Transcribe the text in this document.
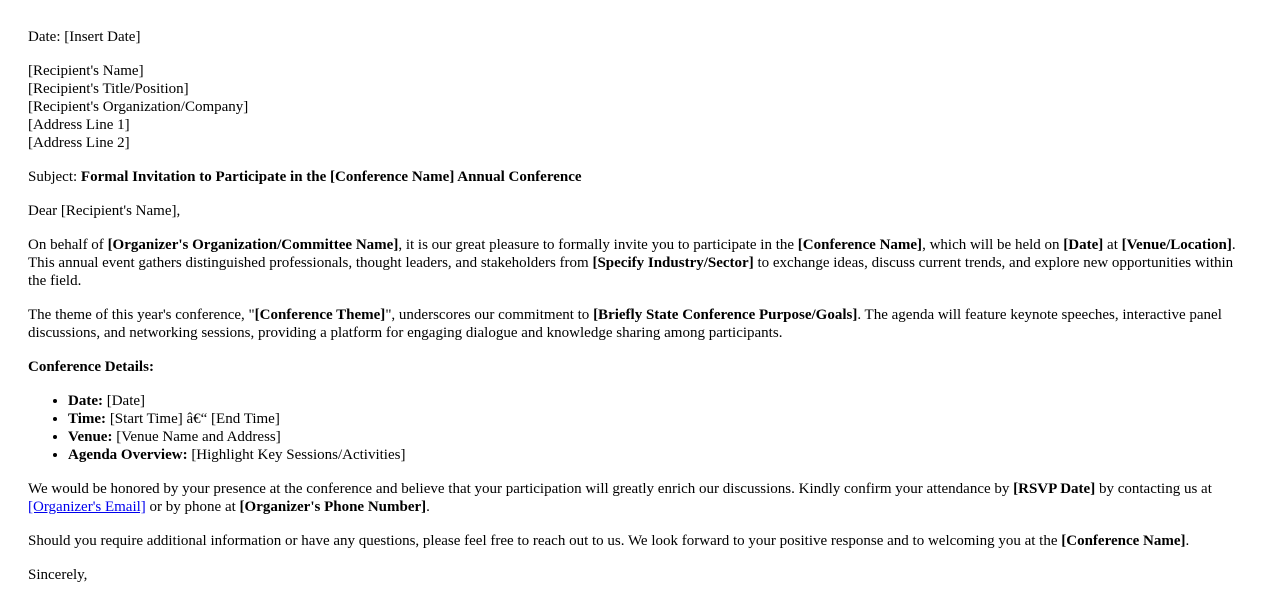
Date: [Insert Date]

[Recipient's Name]
[Recipient's Title/Position]
[Recipient's Organization/Company]
[Address Line 1]
[Address Line 2]

Subject: Formal Invitation to Participate in the [Conference Name] Annual Conference

Dear [Recipient's Name],

On behalf of [Organizer's Organization/Committee Name], it is our great pleasure to formally invite you to participate in the [Conference Name], which will be held on [Date] at [Venue/Location]. This annual event gathers distinguished professionals, thought leaders, and stakeholders from [Specify Industry/Sector] to exchange ideas, discuss current trends, and explore new opportunities within the field.

The theme of this year's conference, "[Conference Theme]", underscores our commitment to [Briefly State Conference Purpose/Goals]. The agenda will feature keynote speeches, interactive panel discussions, and networking sessions, providing a platform for engaging dialogue and knowledge sharing among participants.

Conference Details:

• Date: [Date]
• Time: [Start Time] â€“ [End Time]
• Venue: [Venue Name and Address]
• Agenda Overview: [Highlight Key Sessions/Activities]

We would be honored by your presence at the conference and believe that your participation will greatly enrich our discussions. Kindly confirm your attendance by [RSVP Date] by contacting us at [Organizer's Email] or by phone at [Organizer's Phone Number].

Should you require additional information or have any questions, please feel free to reach out to us. We look forward to your positive response and to welcoming you at the [Conference Name].

Sincerely,
